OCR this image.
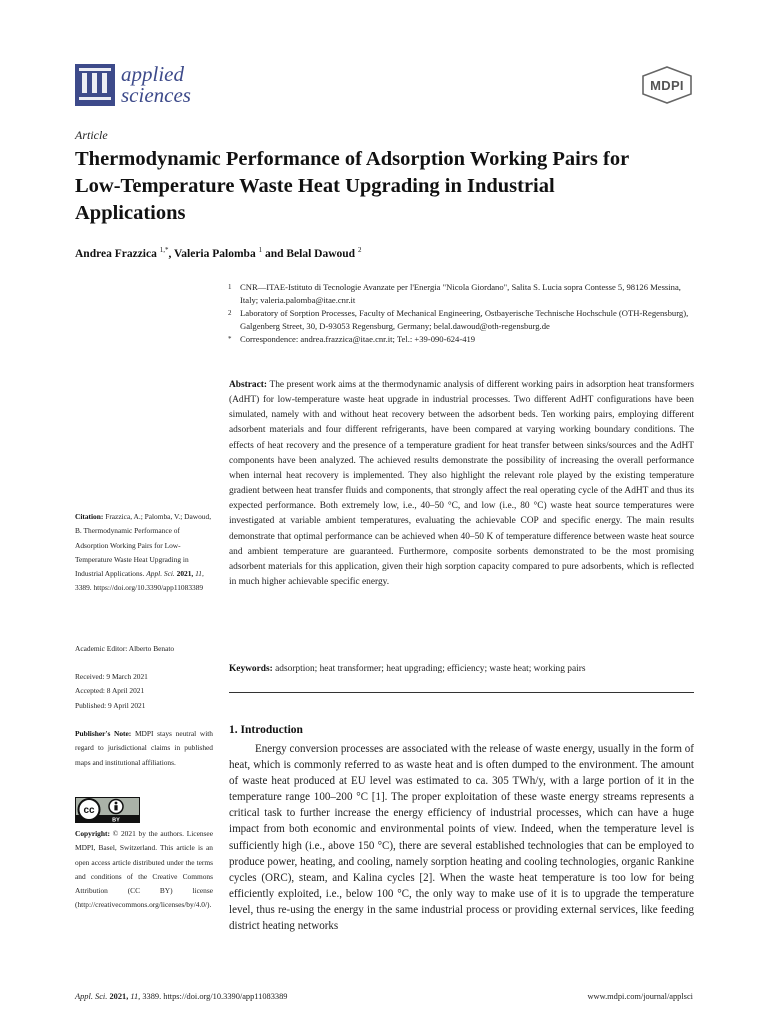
applied
sciences	MDPI
Article
Thermodynamic Performance of Adsorption Working Pairs for Low-Temperature Waste Heat Upgrading in Industrial Applications
Andrea Frazzica $^{1,*}$, Valeria Palomba $^1$ and Belal Dawoud $^2$
1 CNR—ITAE-Istituto di Tecnologie Avanzate per l'Energia "Nicola Giordano", Salita S. Lucia sopra Contesse 5, 98126 Messina, Italy; valeria.palomba@itae.cnr.it
2 Laboratory of Sorption Processes, Faculty of Mechanical Engineering, Ostbayerische Technische Hochschule (OTH-Regensburg), Galgenberg Street, 30, D-93053 Regensburg, Germany; belal.dawoud@oth-regensburg.de
* Correspondence: andrea.frazzica@itae.cnr.it; Tel.: +39-090-624-419
Abstract: The present work aims at the thermodynamic analysis of different working pairs in adsorption heat transformers (AdHT) for low-temperature waste heat upgrade in industrial processes. Two different AdHT configurations have been simulated, namely with and without heat recovery between the adsorbent beds. Ten working pairs, employing different adsorbent materials and four different refrigerants, have been compared at varying working boundary conditions. The effects of heat recovery and the presence of a temperature gradient for heat transfer between sinks/sources and the AdHT components have been analyzed. The achieved results demonstrate the possibility of increasing the overall performance when internal heat recovery is implemented. They also highlight the relevant role played by the existing temperature gradient between heat transfer fluids and components, that strongly affect the real operating cycle of the AdHT and thus its expected performance. Both extremely low, i.e., 40–50 °C, and low (i.e., 80 °C) waste heat source temperatures were investigated at variable ambient temperatures, evaluating the achievable COP and specific energy. The main results demonstrate that optimal performance can be achieved when 40–50 K of temperature difference between waste heat source and ambient temperature are guaranteed. Furthermore, composite sorbents demonstrated to be the most promising adsorbent materials for this application, given their high sorption capacity compared to pure adsorbents, which is reflected in much higher achievable specific energy.
Keywords: adsorption; heat transformer; heat upgrading; efficiency; waste heat; working pairs
Citation: Frazzica, A.; Palomba, V.; Dawoud, B. Thermodynamic Performance of Adsorption Working Pairs for Low-Temperature Waste Heat Upgrading in Industrial Applications. Appl. Sci. 2021, 11, 3389. https://doi.org/10.3390/app11083389
Academic Editor: Alberto Benato
Received: 9 March 2021
Accepted: 8 April 2021
Published: 9 April 2021
Publisher's Note: MDPI stays neutral with regard to jurisdictional claims in published maps and institutional affiliations.
cc
BY
Copyright: © 2021 by the authors. Licensee MDPI, Basel, Switzerland. This article is an open access article distributed under the terms and conditions of the Creative Commons Attribution (CC BY) license (http://creativecommons.org/licenses/by/4.0/).
1. Introduction

Energy conversion processes are associated with the release of waste energy, usually in the form of heat, which is commonly referred to as waste heat and is often dumped to the environment. The amount of waste heat produced at EU level was estimated to ca. 305 TWh/y, with a large portion of it in the temperature range 100–200 °C [1]. The proper exploitation of these waste energy streams represents a critical task to further increase the energy efficiency of industrial processes, which can have a huge impact from both economic and environmental points of view. Indeed, when the temperature level is sufficiently high (i.e., above 150 °C), there are several established technologies that can be employed to produce power, heating, and cooling, namely sorption heating and cooling technologies, organic Rankine cycles (ORC), steam, and Kalina cycles [2]. When the waste heat temperature is too low for being efficiently exploited, i.e., below 100 °C, the only way to make use of it is to upgrade the temperature level, thus re-using the energy in the same industrial process or providing external services, like feeding district heating networks

Appl. Sci. 2021, 11, 3389. https://doi.org/10.3390/app11083389	www.mdpi.com/journal/applsci
